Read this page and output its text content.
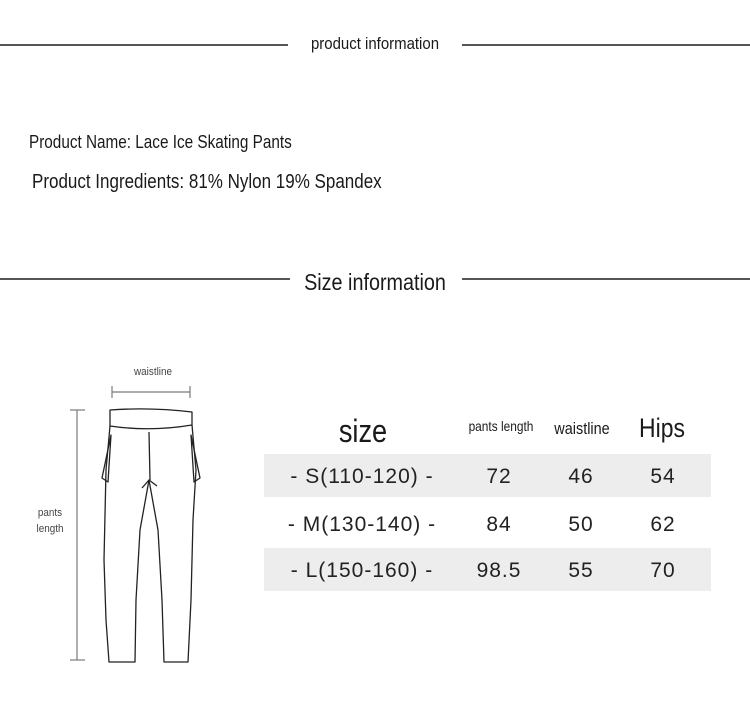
product information
Product Name: Lace Ice Skating Pants
Product Ingredients: 81% Nylon 19% Spandex
Size information
waistline
pants
length
size	pants length	waistline	Hips
- S(110-120) -	72	46	54
- M(130-140) -	84	50	62
- L(150-160) -	98.5	55	70
